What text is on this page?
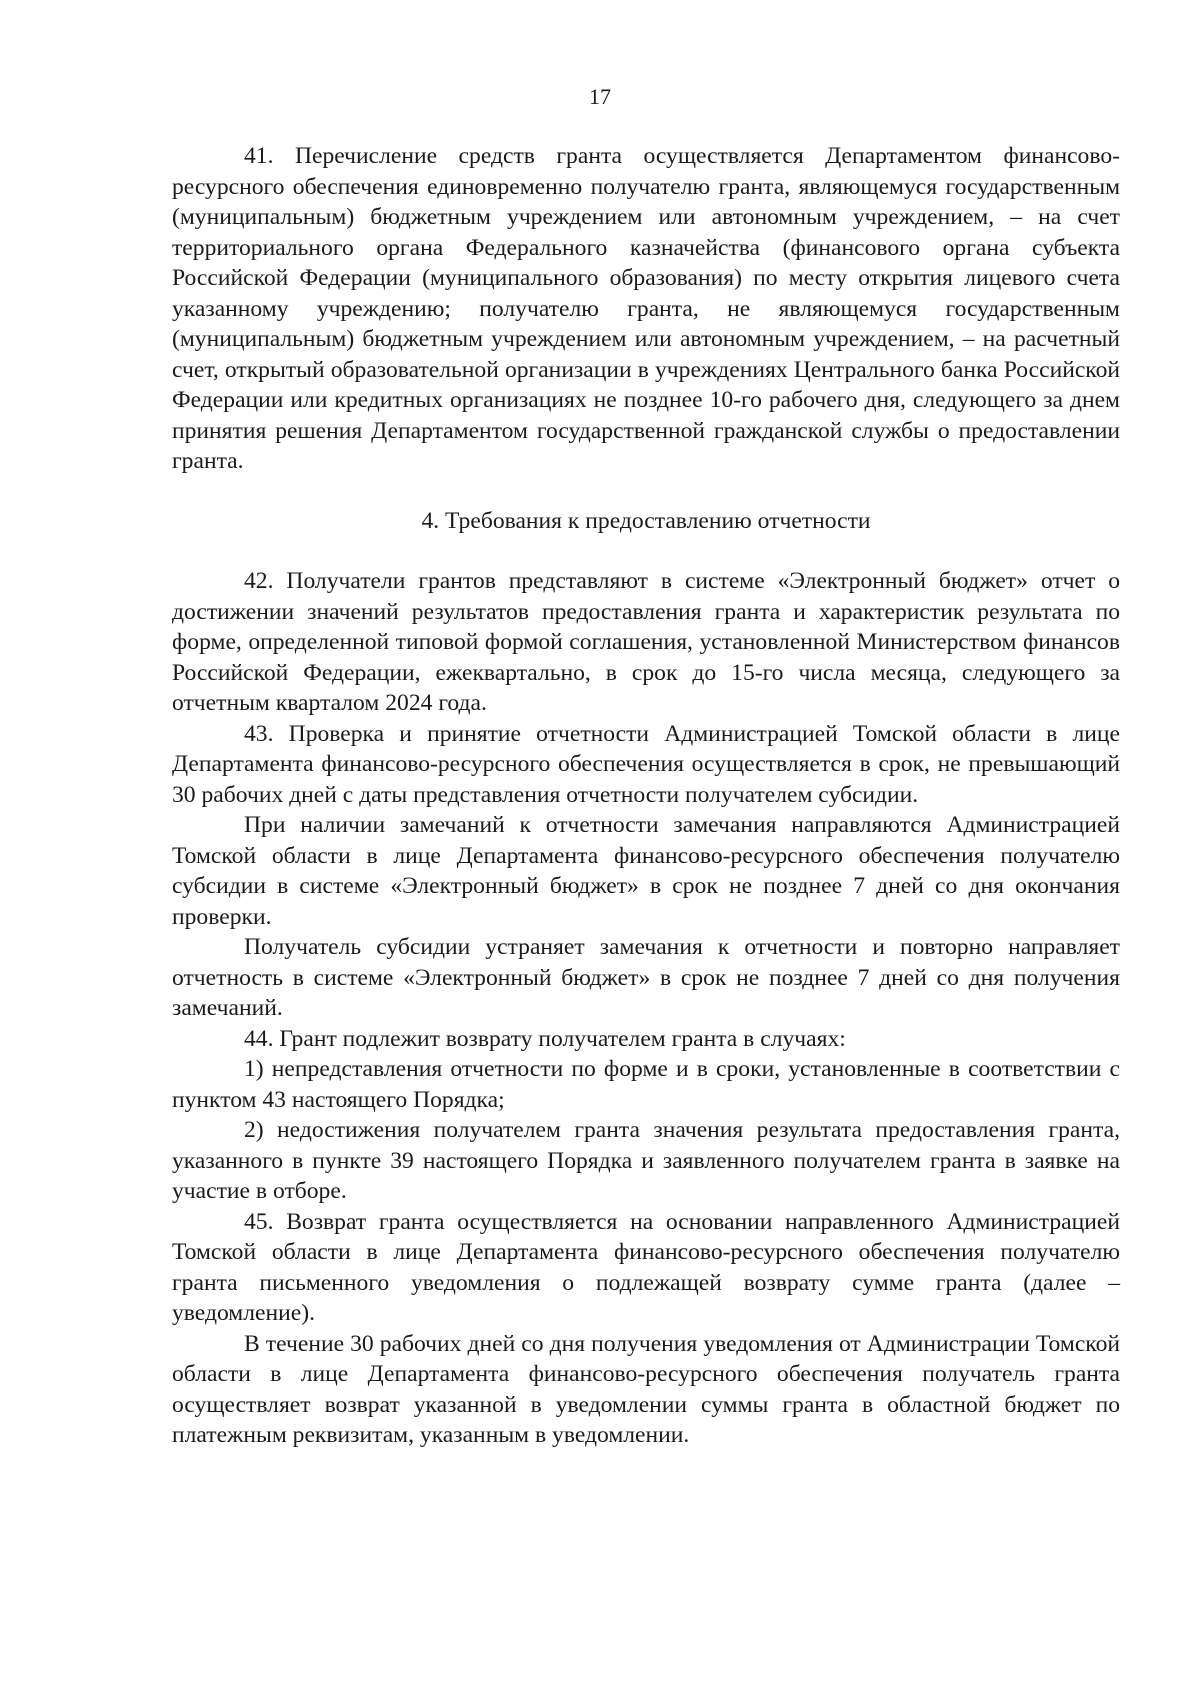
17

41. Перечисление средств гранта осуществляется Департаментом финансово-ресурсного обеспечения единовременно получателю гранта, являющемуся государственным (муниципальным) бюджетным учреждением или автономным учреждением, – на счет территориального органа Федерального казначейства (финансового органа субъекта Российской Федерации (муниципального образования) по месту открытия лицевого счета указанному учреждению; получателю гранта, не являющемуся государственным (муниципальным) бюджетным учреждением или автономным учреждением, – на расчетный счет, открытый образовательной организации в учреждениях Центрального банка Российской Федерации или кредитных организациях не позднее 10-го рабочего дня, следующего за днем принятия решения Департаментом государственной гражданской службы о предоставлении гранта.

4. Требования к предоставлению отчетности

42. Получатели грантов представляют в системе «Электронный бюджет» отчет о достижении значений результатов предоставления гранта и характеристик результата по форме, определенной типовой формой соглашения, установленной Министерством финансов Российской Федерации, ежеквартально, в срок до 15-го числа месяца, следующего за отчетным кварталом 2024 года.

43. Проверка и принятие отчетности Администрацией Томской области в лице Департамента финансово-ресурсного обеспечения осуществляется в срок, не превышающий 30 рабочих дней с даты представления отчетности получателем субсидии.

При наличии замечаний к отчетности замечания направляются Администрацией Томской области в лице Департамента финансово-ресурсного обеспечения получателю субсидии в системе «Электронный бюджет» в срок не позднее 7 дней со дня окончания проверки.

Получатель субсидии устраняет замечания к отчетности и повторно направляет отчетность в системе «Электронный бюджет» в срок не позднее 7 дней со дня получения замечаний.

44. Грант подлежит возврату получателем гранта в случаях:

1) непредставления отчетности по форме и в сроки, установленные в соответствии с пунктом 43 настоящего Порядка;

2) недостижения получателем гранта значения результата предоставления гранта, указанного в пункте 39 настоящего Порядка и заявленного получателем гранта в заявке на участие в отборе.

45. Возврат гранта осуществляется на основании направленного Администрацией Томской области в лице Департамента финансово-ресурсного обеспечения получателю гранта письменного уведомления о подлежащей возврату сумме гранта (далее – уведомление).

В течение 30 рабочих дней со дня получения уведомления от Администрации Томской области в лице Департамента финансово-ресурсного обеспечения получатель гранта осуществляет возврат указанной в уведомлении суммы гранта в областной бюджет по платежным реквизитам, указанным в уведомлении.
